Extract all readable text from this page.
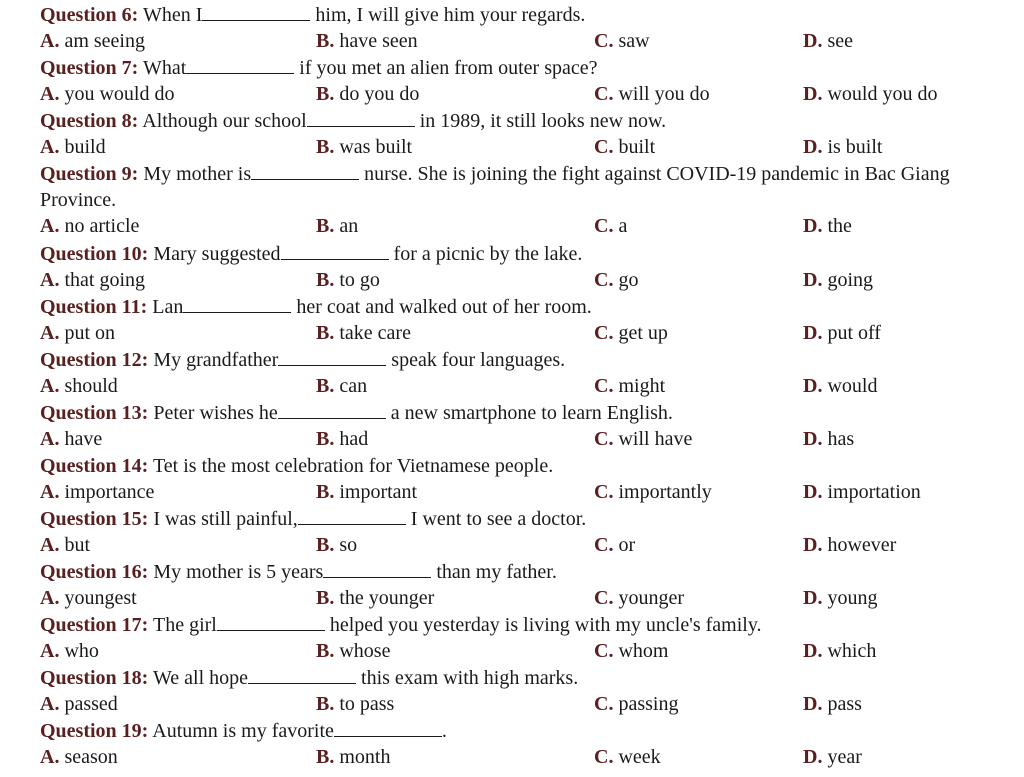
Question 6: When I	him, I will give him your regards.
A. am seeing	B. have seen	C. saw	D. see
Question 7: What	if you met an alien from outer space?
A. you would do	B. do you do	C. will you do	D. would you do
Question 8: Although our school	in 1989, it still looks new now.
A. build	B. was built	C. built	D. is built
Question 9: My mother is	nurse. She is joining the fight against COVID-19 pandemic in Bac Giang Province.
A. no article	B. an	C. a	D. the
Question 10: Mary suggested	for a picnic by the lake.
A. that going	B. to go	C. go	D. going
Question 11: Lan	her coat and walked out of her room.
A. put on	B. take care	C. get up	D. put off
Question 12: My grandfather	speak four languages.
A. should	B. can	C. might	D. would
Question 13: Peter wishes he	a new smartphone to learn English.
A. have	B. had	C. will have	D. has
Question 14: Tet is the most celebration for Vietnamese people.
A. importance	B. important	C. importantly	D. importation
Question 15: I was still painful,	I went to see a doctor.
A. but	B. so	C. or	D. however
Question 16: My mother is 5 years	than my father.
A. youngest	B. the younger	C. younger	D. young
Question 17: The girl	helped you yesterday is living with my uncle's family.
A. who	B. whose	C. whom	D. which
Question 18: We all hope	this exam with high marks.
A. passed	B. to pass	C. passing	D. pass
Question 19: Autumn is my favorite	.
A. season	B. month	C. week	D. year
